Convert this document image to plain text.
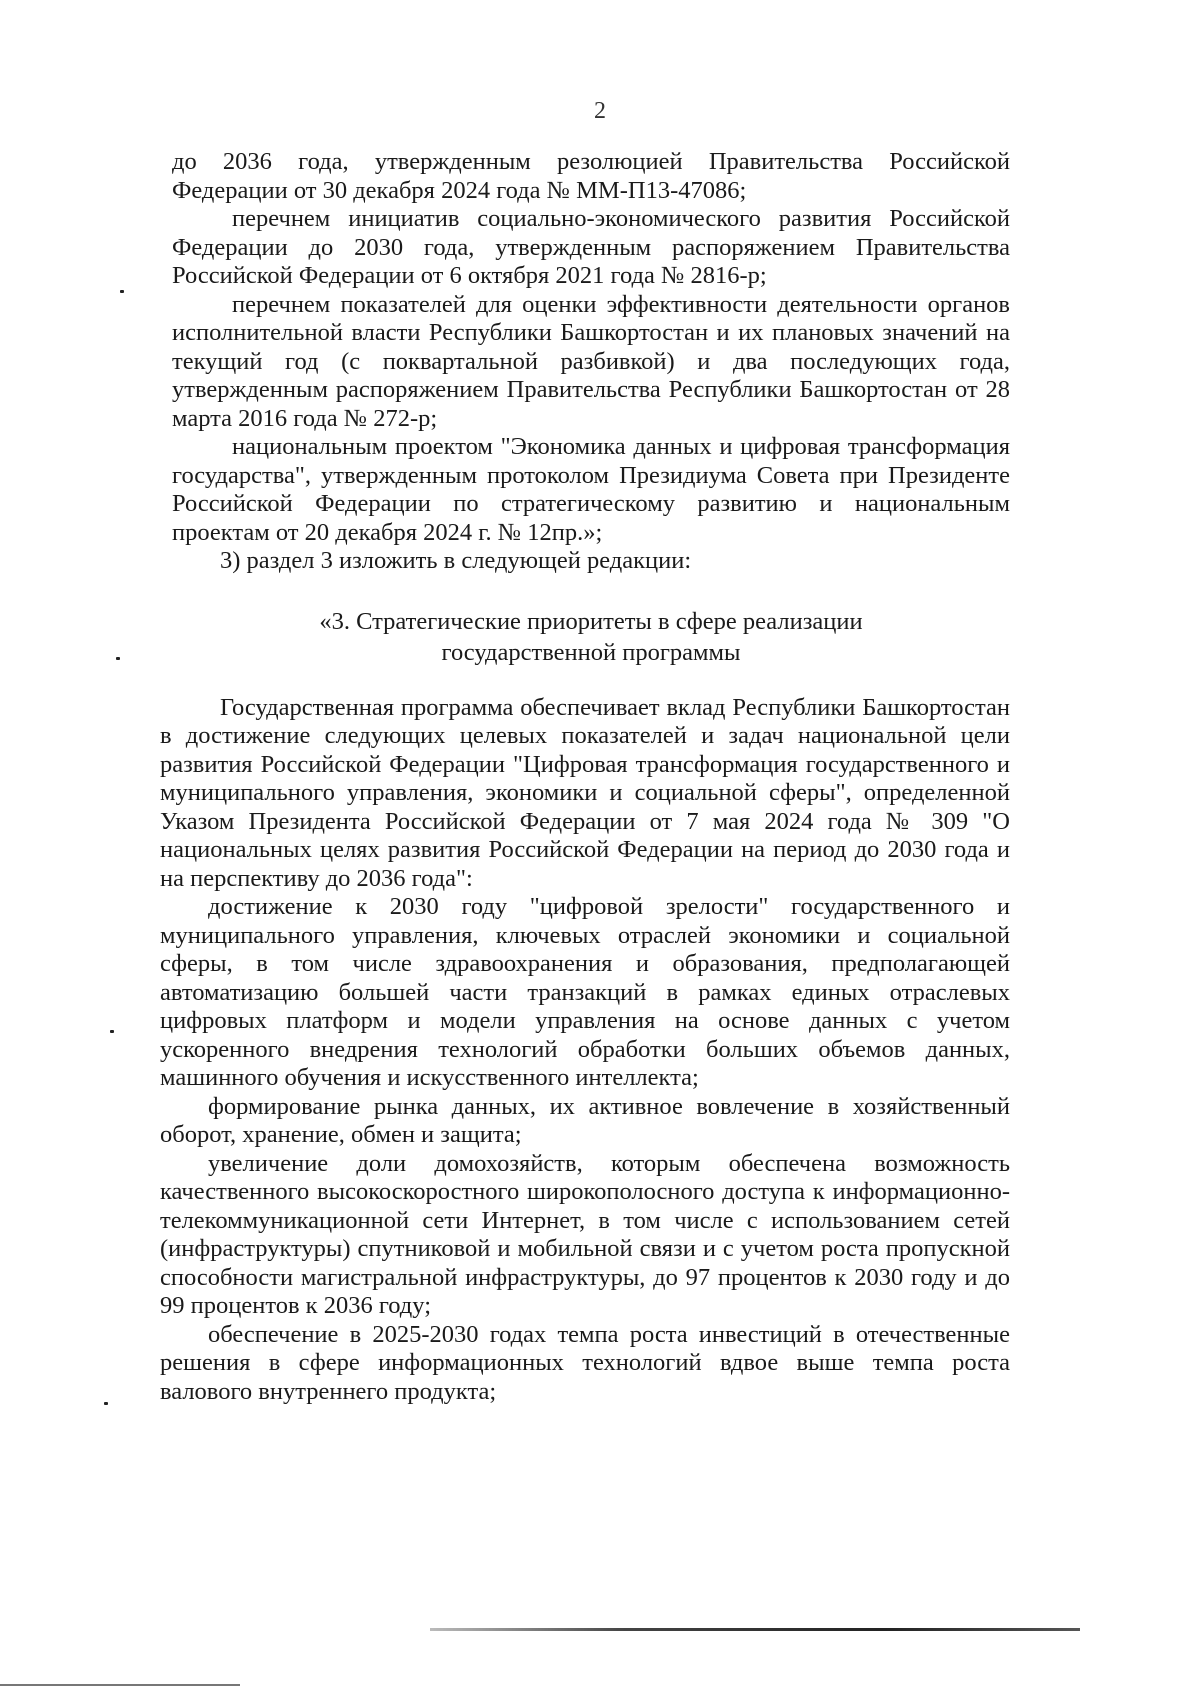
2

до 2036 года, утвержденным резолюцией Правительства Российской Федерации от 30 декабря 2024 года № ММ-П13-47086;

перечнем инициатив социально-экономического развития Российской Федерации до 2030 года, утвержденным распоряжением Правительства Российской Федерации от 6 октября 2021 года № 2816-р;

перечнем показателей для оценки эффективности деятельности органов исполнительной власти Республики Башкортостан и их плановых значений на текущий год (с поквартальной разбивкой) и два последующих года, утвержденным распоряжением Правительства Республики Башкортостан от 28 марта 2016 года № 272-р;

национальным проектом "Экономика данных и цифровая трансформация государства", утвержденным протоколом Президиума Совета при Президенте Российской Федерации по стратегическому развитию и национальным проектам от 20 декабря 2024 г. № 12пр.»;

3) раздел 3 изложить в следующей редакции:

«3. Стратегические приоритеты в сфере реализации
государственной программы

Государственная программа обеспечивает вклад Республики Башкортостан в достижение следующих целевых показателей и задач национальной цели развития Российской Федерации "Цифровая трансформация государственного и муниципального управления, экономики и социальной сферы", определенной Указом Президента Российской Федерации от 7 мая 2024 года № 309 "О национальных целях развития Российской Федерации на период до 2030 года и на перспективу до 2036 года":

достижение к 2030 году "цифровой зрелости" государственного и муниципального управления, ключевых отраслей экономики и социальной сферы, в том числе здравоохранения и образования, предполагающей автоматизацию большей части транзакций в рамках единых отраслевых цифровых платформ и модели управления на основе данных с учетом ускоренного внедрения технологий обработки больших объемов данных, машинного обучения и искусственного интеллекта;

формирование рынка данных, их активное вовлечение в хозяйственный оборот, хранение, обмен и защита;

увеличение доли домохозяйств, которым обеспечена возможность качественного высокоскоростного широкополосного доступа к информационно-телекоммуникационной сети Интернет, в том числе с использованием сетей (инфраструктуры) спутниковой и мобильной связи и с учетом роста пропускной способности магистральной инфраструктуры, до 97 процентов к 2030 году и до 99 процентов к 2036 году;

обеспечение в 2025-2030 годах темпа роста инвестиций в отечественные решения в сфере информационных технологий вдвое выше темпа роста валового внутреннего продукта;
